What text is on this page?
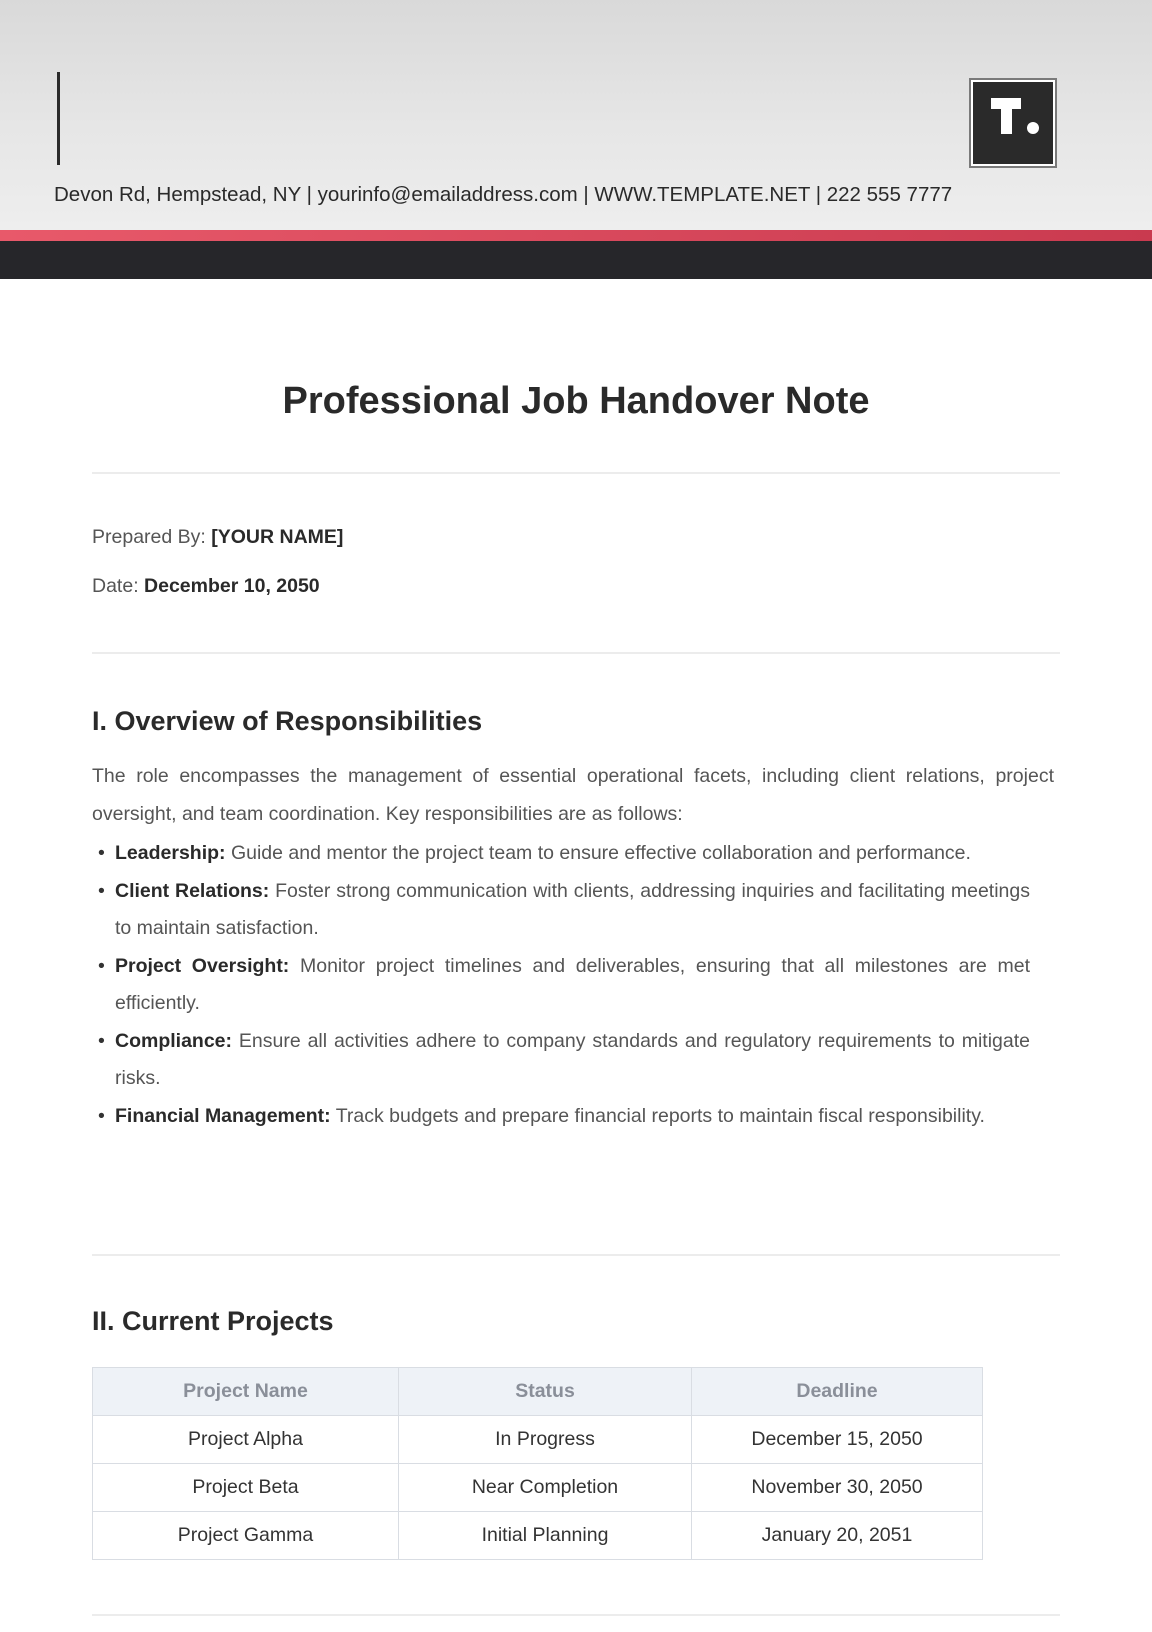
Devon Rd, Hempstead, NY | yourinfo@emailaddress.com | WWW.TEMPLATE.NET | 222 555 7777
Professional Job Handover Note
Prepared By: [YOUR NAME]
Date: December 10, 2050
I. Overview of Responsibilities
The role encompasses the management of essential operational facets, including client relations, project oversight, and team coordination. Key responsibilities are as follows:
• Leadership: Guide and mentor the project team to ensure effective collaboration and performance.
• Client Relations: Foster strong communication with clients, addressing inquiries and facilitating meetings to maintain satisfaction.
• Project Oversight: Monitor project timelines and deliverables, ensuring that all milestones are met efficiently.
• Compliance: Ensure all activities adhere to company standards and regulatory requirements to mitigate risks.
• Financial Management: Track budgets and prepare financial reports to maintain fiscal responsibility.
II. Current Projects
Project Name	Status	Deadline
Project Alpha	In Progress	December 15, 2050
Project Beta	Near Completion	November 30, 2050
Project Gamma	Initial Planning	January 20, 2051
